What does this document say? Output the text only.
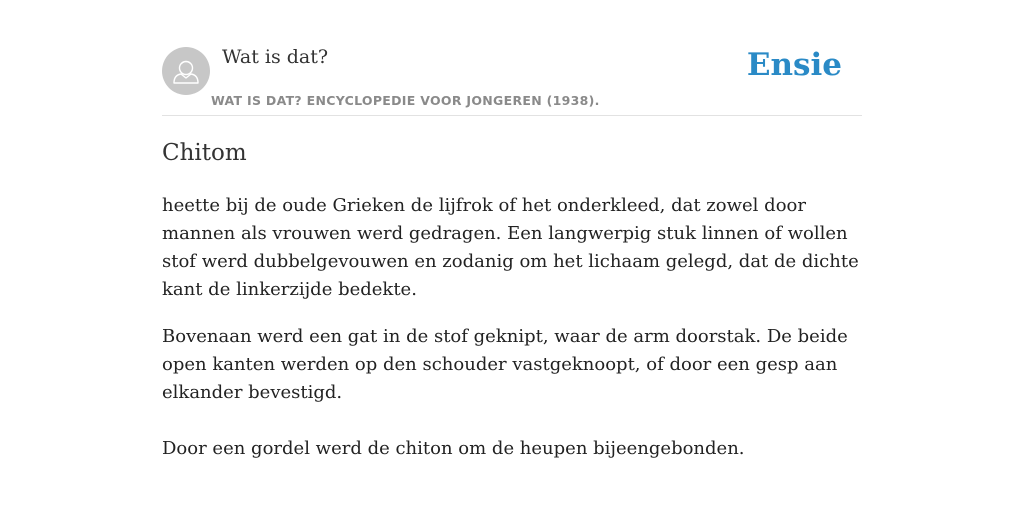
Wat is dat?
WAT IS DAT? ENCYCLOPEDIE VOOR JONGEREN (1938).
Ensie
Chitom

heette bij de oude Grieken de lijfrok of het onderkleed, dat zowel door mannen als vrouwen werd gedragen. Een langwerpig stuk linnen of wollen stof werd dubbelgevouwen en zodanig om het lichaam gelegd, dat de dichte kant de linkerzijde bedekte.

Bovenaan werd een gat in de stof geknipt, waar de arm doorstak. De beide open kanten werden op den schouder vastgeknoopt, of door een gesp aan elkander bevestigd.

Door een gordel werd de chiton om de heupen bijeengebonden.
